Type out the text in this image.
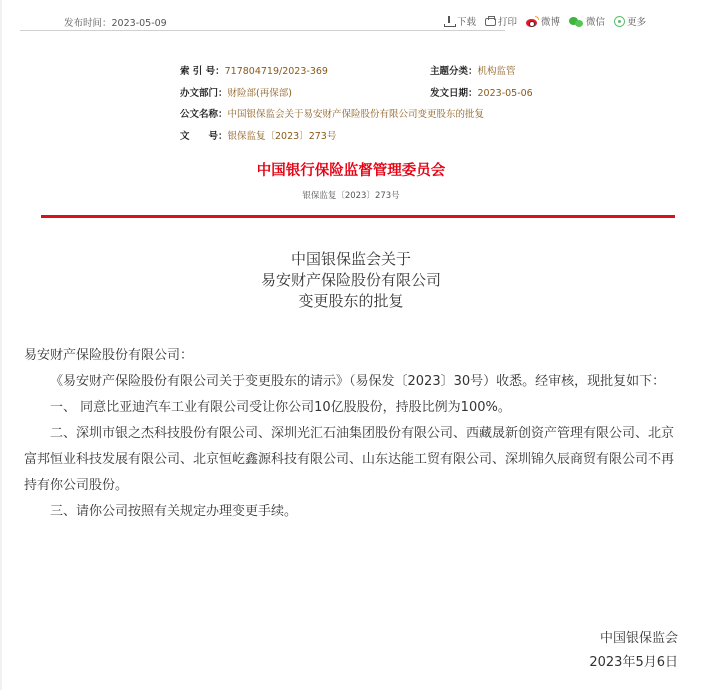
发布时间：2023-05-09	下载 打印	微博	微信 更多
索 引 号：717804719/2023-369
办文部门：财险部(再保部)
公文名称：中国银保监会关于易安财产保险股份有限公司变更股东的批复
文　　号：银保监复〔2023〕273号
主题分类：机构监管
发文日期：2023-05-06
中国银行保险监督管理委员会
银保监复〔2023〕273号
中国银保监会关于
易安财产保险股份有限公司
变更股东的批复

易安财产保险股份有限公司：

《易安财产保险股份有限公司关于变更股东的请示》（易保发〔2023〕30号）收悉。经审核，现批复如下：

一、 同意比亚迪汽车工业有限公司受让你公司10亿股股份，持股比例为100%。

二、深圳市银之杰科技股份有限公司、深圳光汇石油集团股份有限公司、西藏晟新创资产管理有限公司、北京富邦恒业科技发展有限公司、北京恒屹鑫源科技有限公司、山东达能工贸有限公司、深圳锦久辰商贸有限公司不再持有你公司股份。

三、请你公司按照有关规定办理变更手续。

中国银保监会
2023年5月6日
